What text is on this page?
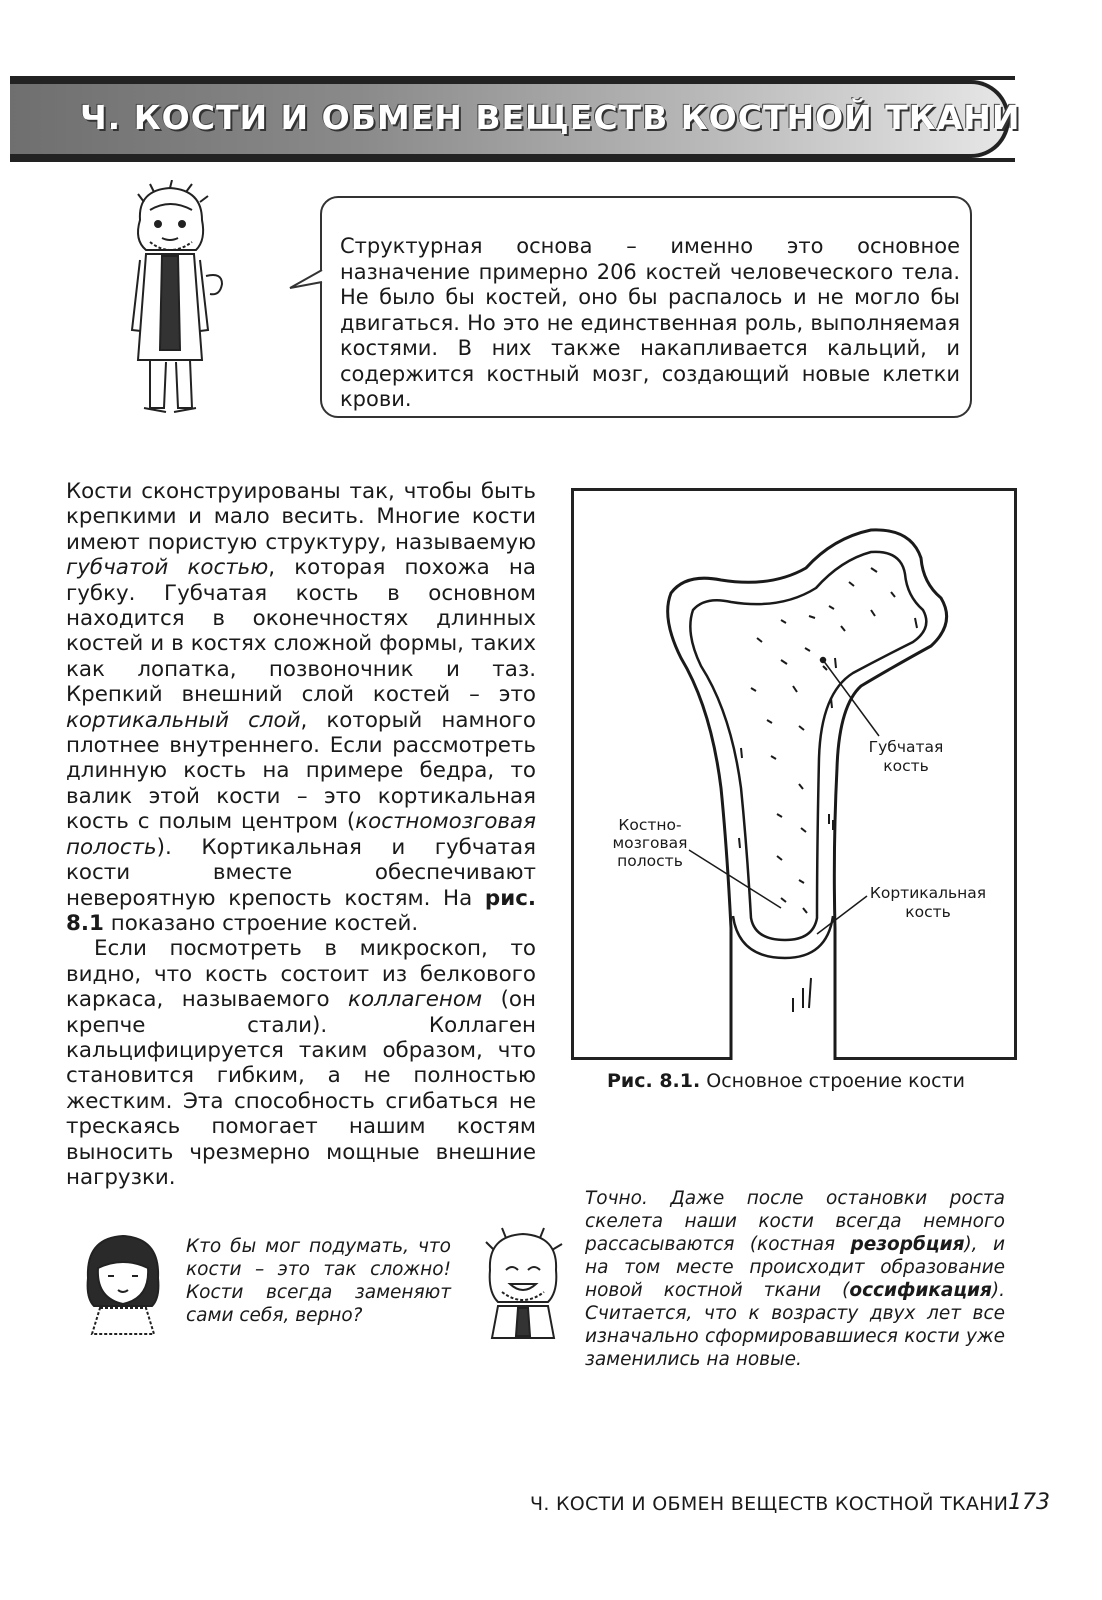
Ч. КОСТИ И ОБМЕН ВЕЩЕСТВ КОСТНОЙ ТКАНИ
Структурная основа – именно это основное назначение примерно 206 костей человеческого тела. Не было бы костей, оно бы распалось и не могло бы двигаться. Но это не единственная роль, выполняемая костями. В них также накапливается кальций, и содержится костный мозг, создающий новые клетки крови.

Кости сконструированы так, чтобы быть крепкими и мало весить. Многие кости имеют пористую структуру, называемую губчатой костью, которая похожа на губку. Губчатая кость в основном находится в оконечностях длинных костей и в костях сложной формы, таких как лопатка, позвоночник и таз. Крепкий внешний слой костей – это кортикальный слой, который намного плотнее внутреннего. Если рассмотреть длинную кость на примере бедра, то валик этой кости – это кортикальная кость с полым центром (костномозговая полость). Кортикальная и губчатая кости вместе обеспечивают невероятную крепость костям. На рис. 8.1 показано строение костей.

Если посмотреть в микроскоп, то видно, что кость состоит из белкового каркаса, называемого коллагеном (он крепче стали). Коллаген кальцифицируется таким образом, что становится гибким, а не полностью жестким. Эта способность сгибаться не трескаясь помогает нашим костям выносить чрезмерно мощные внешние нагрузки.

Губчатая
кость
Костно-
мозговая
полость
Кортикальная
кость
Рис. 8.1. Основное строение кости
Кто бы мог подумать, что кости – это так сложно! Кости всегда заменяют сами себя, верно?
Точно. Даже после остановки роста скелета наши кости всегда немного рассасываются (костная резорбция), и на том месте происходит образование новой костной ткани (оссификация). Считается, что к возрасту двух лет все изначально сформировавшиеся кости уже заменились на новые.
Ч. КОСТИ И ОБМЕН ВЕЩЕСТВ КОСТНОЙ ТКАНИ 173
